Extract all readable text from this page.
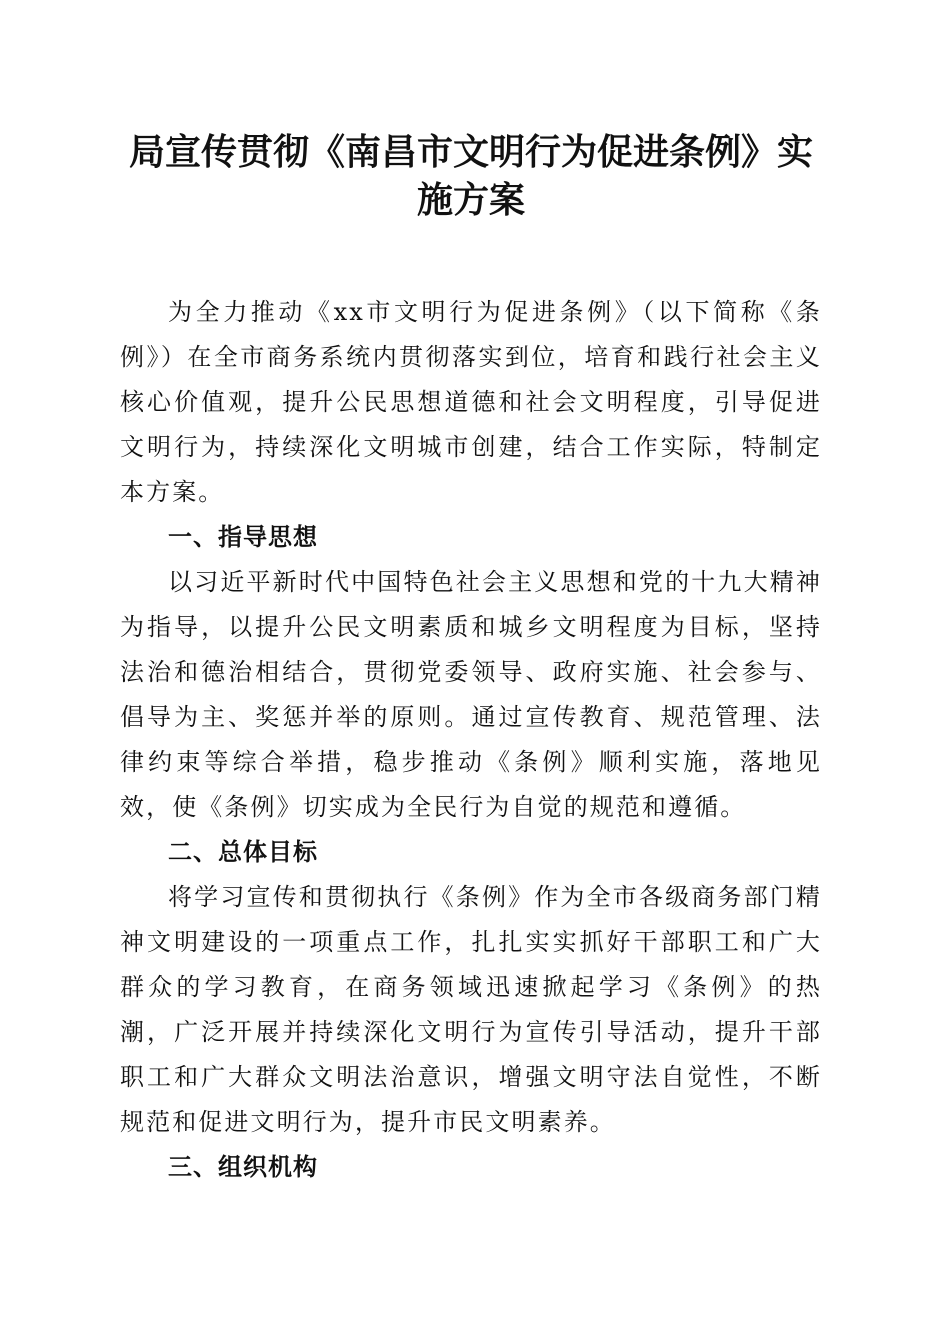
局宣传贯彻《南昌市文明行为促进条例》实施方案

为全力推动《xx市文明行为促进条例》（以下简称《条例》）在全市商务系统内贯彻落实到位，培育和践行社会主义核心价值观，提升公民思想道德和社会文明程度，引导促进文明行为，持续深化文明城市创建，结合工作实际，特制定本方案。

一、指导思想

以习近平新时代中国特色社会主义思想和党的十九大精神为指导，以提升公民文明素质和城乡文明程度为目标，坚持法治和德治相结合，贯彻党委领导、政府实施、社会参与、倡导为主、奖惩并举的原则。通过宣传教育、规范管理、法律约束等综合举措，稳步推动《条例》顺利实施，落地见效，使《条例》切实成为全民行为自觉的规范和遵循。

二、总体目标

将学习宣传和贯彻执行《条例》作为全市各级商务部门精神文明建设的一项重点工作，扎扎实实抓好干部职工和广大群众的学习教育，在商务领域迅速掀起学习《条例》的热潮，广泛开展并持续深化文明行为宣传引导活动，提升干部职工和广大群众文明法治意识，增强文明守法自觉性，不断规范和促进文明行为，提升市民文明素养。

三、组织机构
